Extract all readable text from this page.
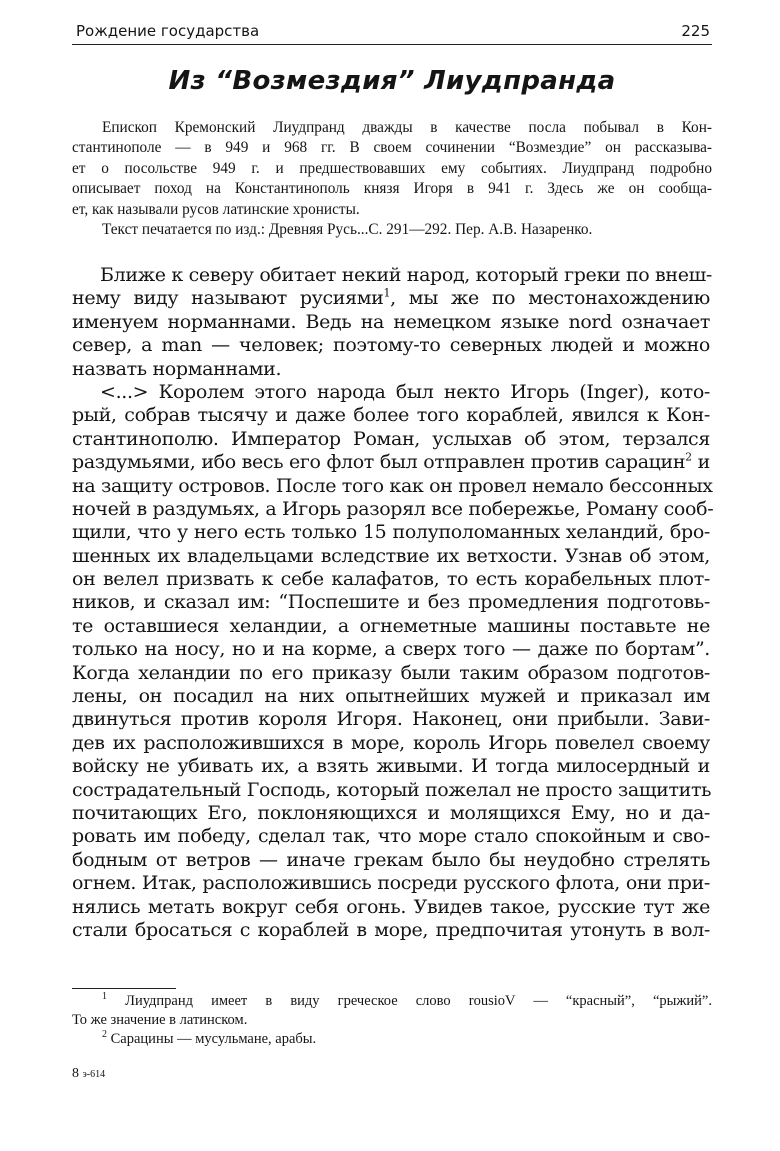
Рождение государства	225
Из “Возмездия” Лиудпранда
Епископ Кремонский Лиудпранд дважды в качестве посла побывал в Кон-
стантинополе — в 949 и 968 гг. В своем сочинении “Возмездие” он рассказыва-
ет о посольстве 949 г. и предшествовавших ему событиях. Лиудпранд подробно
описывает поход на Константинополь князя Игоря в 941 г. Здесь же он сообща-
ет, как называли русов латинские хронисты.
Текст печатается по изд.: Древняя Русь...С. 291—292. Пер. А.В. Назаренко.
Ближе к северу обитает некий народ, который греки по внеш-
нему виду называют русиями$^1$, мы же по местонахождению
именуем норманнами. Ведь на немецком языке nord означает
север, а man — человек; поэтому-то северных людей и можно
назвать норманнами.
<...> Королем этого народа был некто Игорь (Inger), кото-
рый, собрав тысячу и даже более того кораблей, явился к Кон-
стантинополю. Император Роман, услыхав об этом, терзался
раздумьями, ибо весь его флот был отправлен против сарацин$^2$ и
на защиту островов. После того как он провел немало бессонных
ночей в раздумьях, а Игорь разорял все побережье, Роману сооб-
щили, что у него есть только 15 полуполоманных хеландий, бро-
шенных их владельцами вследствие их ветхости. Узнав об этом,
он велел призвать к себе калафатов, то есть корабельных плот-
ников, и сказал им: “Поспешите и без промедления подготовь-
те оставшиеся хеландии, а огнеметные машины поставьте не
только на носу, но и на корме, а сверх того — даже по бортам”.
Когда хеландии по его приказу были таким образом подготов-
лены, он посадил на них опытнейших мужей и приказал им
двинуться против короля Игоря. Наконец, они прибыли. Зави-
дев их расположившихся в море, король Игорь повелел своему
войску не убивать их, а взять живыми. И тогда милосердный и
сострадательный Господь, который пожелал не просто защитить
почитающих Его, поклоняющихся и молящихся Ему, но и да-
ровать им победу, сделал так, что море стало спокойным и сво-
бодным от ветров — иначе грекам было бы неудобно стрелять
огнем. Итак, расположившись посреди русского флота, они при-
нялись метать вокруг себя огонь. Увидев такое, русские тут же
стали бросаться с кораблей в море, предпочитая утонуть в вол-
$^1$ Лиудпранд имеет в виду греческое слово rousioV — “красный”, “рыжий”.
То же значение в латинском.
$^2$ Сарацины — мусульмане, арабы.
8 э-614
